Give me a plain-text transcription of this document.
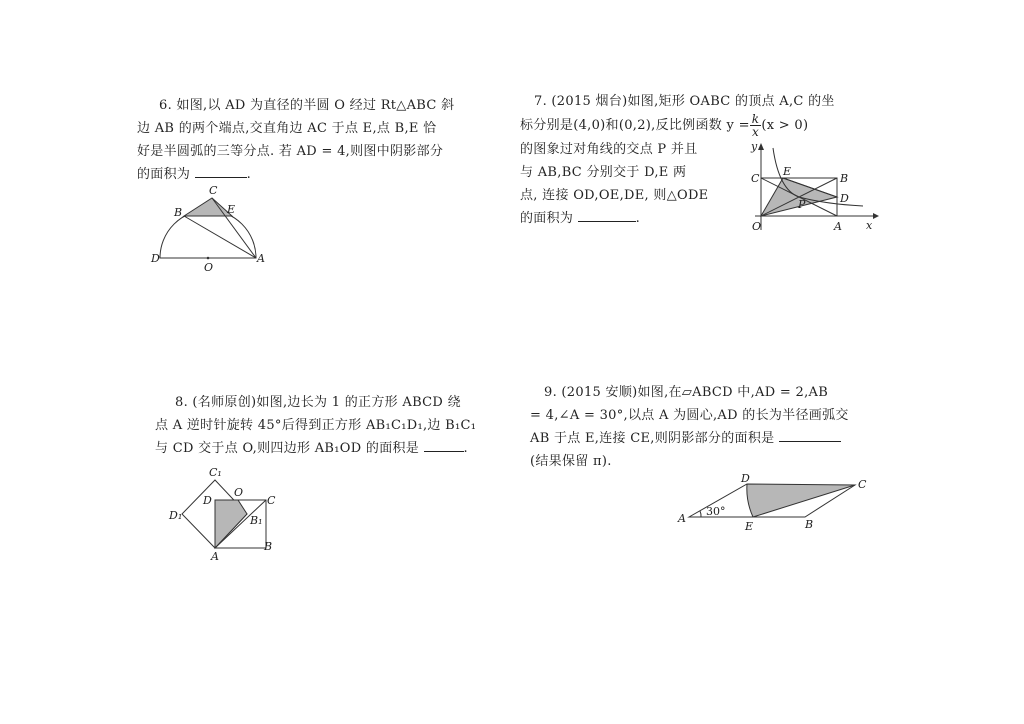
6. 如图,以 AD 为直径的半圆 O 经过 Rt△ABC 斜
边 AB 的两个端点,交直角边 AC 于点 E,点 B,E 恰
好是半圆弧的三等分点. 若 AD = 4,则图中阴影部分
的面积为	.
C
B	E
D
O
A
7. (2015 烟台)如图,矩形 OABC 的顶点 A,C 的坐
标分别是(4,0)和(0,2),反比例函数 $y = \frac{k}{x} (x > 0)$
的图象过对角线的交点 P 并且
与 AB,BC 分别交于 D,E 两
点, 连接 OD,OE,DE, 则△ODE
的面积为	.
y
x
C
E
B
P	D
O	A
8. (名师原创)如图,边长为 1 的正方形 ABCD 绕
点 A 逆时针旋转 45°后得到正方形 AB₁C₁D₁,边 B₁C₁
与 CD 交于点 O,则四边形 AB₁OD 的面积是	.
C₁
D
O
C
D₁	B₁
A
B
9. (2015 安顺)如图,在▱ABCD 中,AD = 2,AB
= 4,∠A = 30°,以点 A 为圆心,AD 的长为半径画弧交
AB 于点 E,连接 CE,则阴影部分的面积是
(结果保留 π).
D	C
A
30°
E	B
